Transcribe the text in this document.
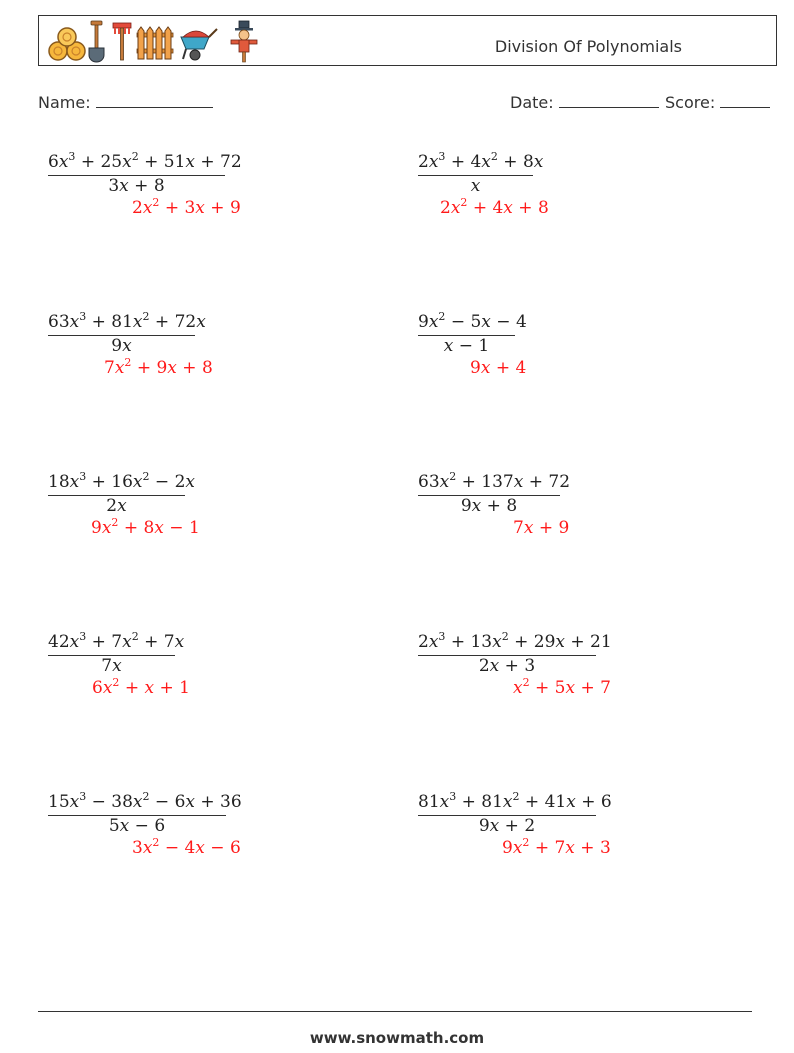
Division Of Polynomials
Name:	Date:	Score:
$6x^3 + 25x^2 + 51x + 72$
3x + 8
$2x^2 + 3x + 9$
$2x^3 + 4x^2 + 8x$
x
$2x^2 + 4x + 8$
$63x^3 + 81x^2 + 72x$
9x
$7x^2 + 9x + 8$
$9x^2 - 5x - 4$
x − 1
9x + 4
$18x^3 + 16x^2 - 2x$
2x
$9x^2 + 8x - 1$
$63x^2 + 137x + 72$
9x + 8
7x + 9
$42x^3 + 7x^2 + 7x$
7x
$6x^2 + x + 1$
$2x^3 + 13x^2 + 29x + 21$
2x + 3
$x^2 + 5x + 7$
$15x^3 - 38x^2 - 6x + 36$
5x − 6
$3x^2 - 4x - 6$
$81x^3 + 81x^2 + 41x + 6$
9x + 2
$9x^2 + 7x + 3$
www.snowmath.com
